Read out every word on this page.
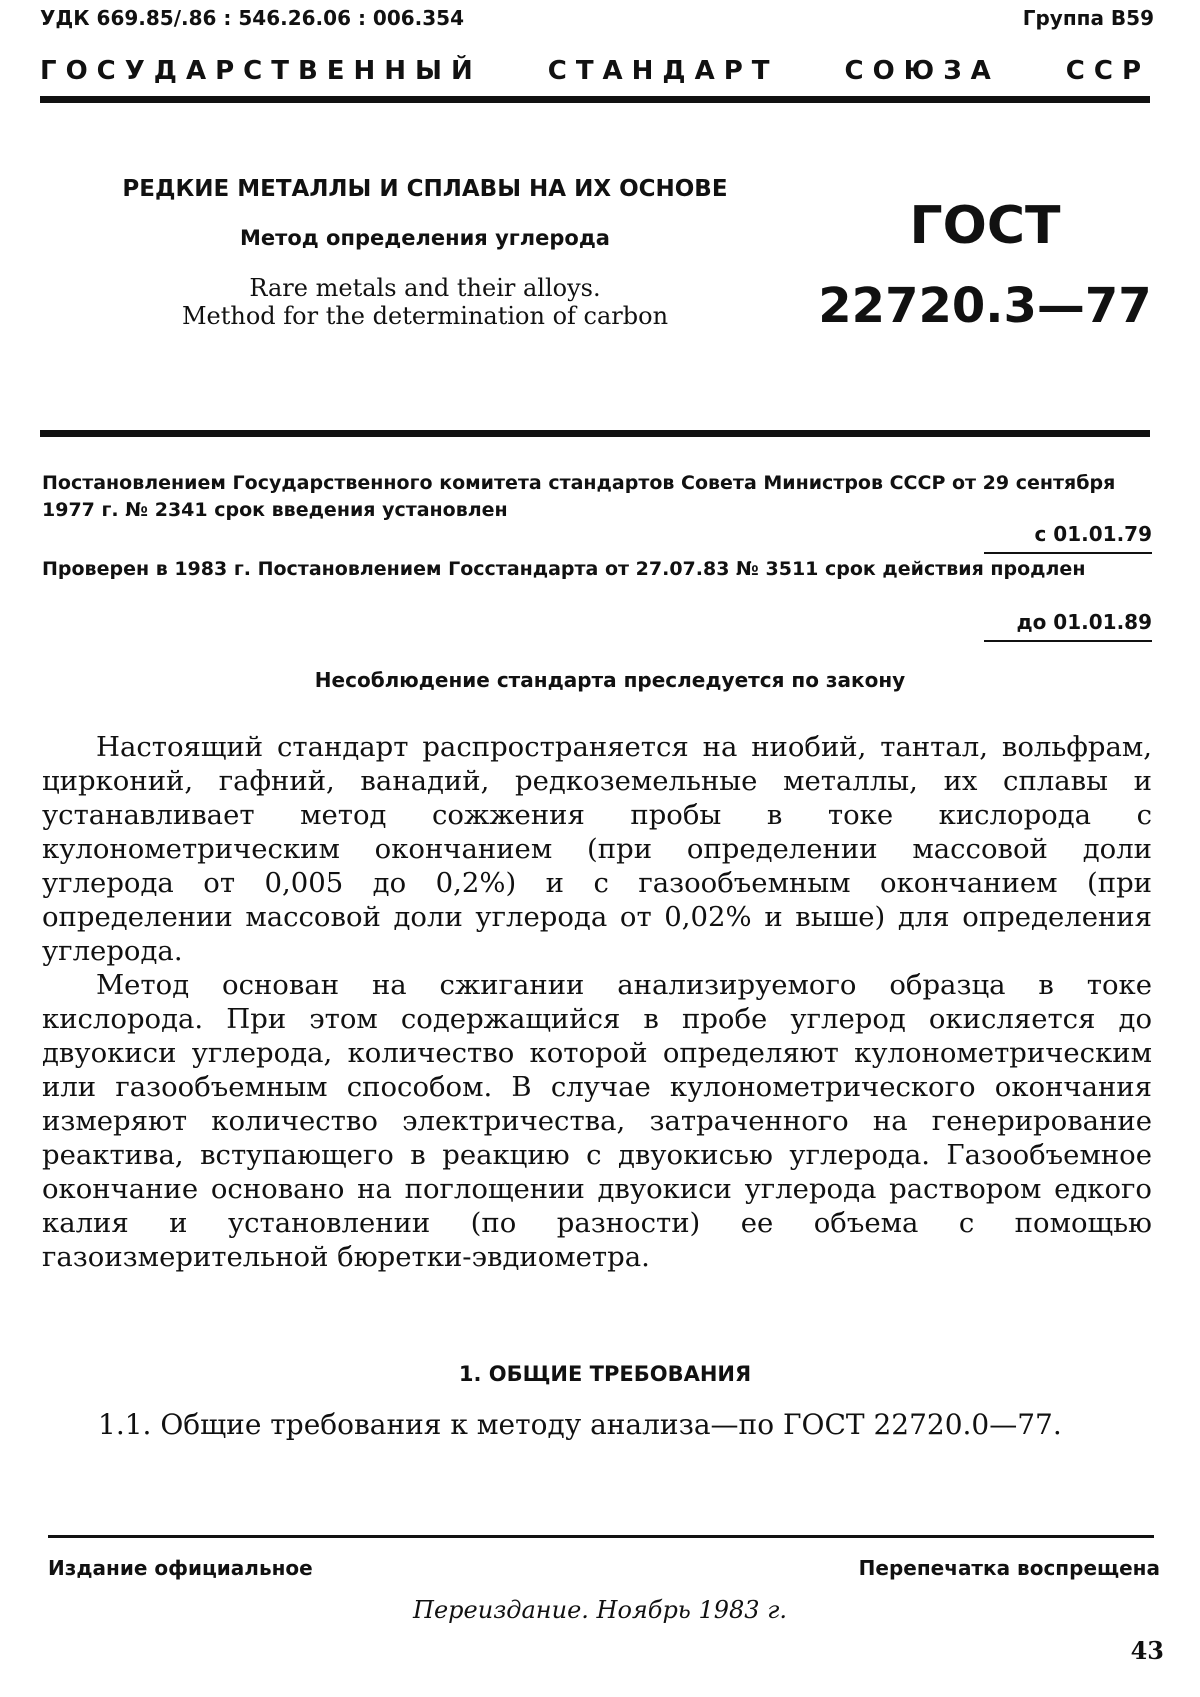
УДК 669.85/.86 : 546.26.06 : 006.354	Группа В59
ГОСУДАРСТВЕННЫЙ	СТАНДАРТ	СОЮЗА	ССР
РЕДКИЕ МЕТАЛЛЫ И СПЛАВЫ НА ИХ ОСНОВЕ
Метод определения углерода
Rare metals and their alloys.
Method for the determination of carbon
ГОСТ
22720.3—77
Постановлением Государственного комитета стандартов Совета Министров СССР от 29 сентября 1977 г. № 2341 срок введения установлен
с 01.01.79
Проверен в 1983 г. Постановлением Госстандарта от 27.07.83 № 3511 срок действия продлен
до 01.01.89
Несоблюдение стандарта преследуется по закону

Настоящий стандарт распространяется на ниобий, тантал, вольфрам, цирконий, гафний, ванадий, редкоземельные металлы, их сплавы и устанавливает метод сожжения пробы в токе кислорода с кулонометрическим окончанием (при определении массовой доли углерода от 0,005 до 0,2%) и с газообъемным окончанием (при определении массовой доли углерода от 0,02% и выше) для определения углерода.

Метод основан на сжигании анализируемого образца в токе кислорода. При этом содержащийся в пробе углерод окисляется до двуокиси углерода, количество которой определяют кулонометрическим или газообъемным способом. В случае кулонометрического окончания измеряют количество электричества, затраченного на генерирование реактива, вступающего в реакцию с двуокисью углерода. Газообъемное окончание основано на поглощении двуокиси углерода раствором едкого калия и установлении (по разности) ее объема с помощью газоизмерительной бюретки-эвдиометра.

1. ОБЩИЕ ТРЕБОВАНИЯ
1.1. Общие требования к методу анализа—по ГОСТ 22720.0—77.
Издание официальное	Перепечатка воспрещена
Переиздание. Ноябрь 1983 г.
43
